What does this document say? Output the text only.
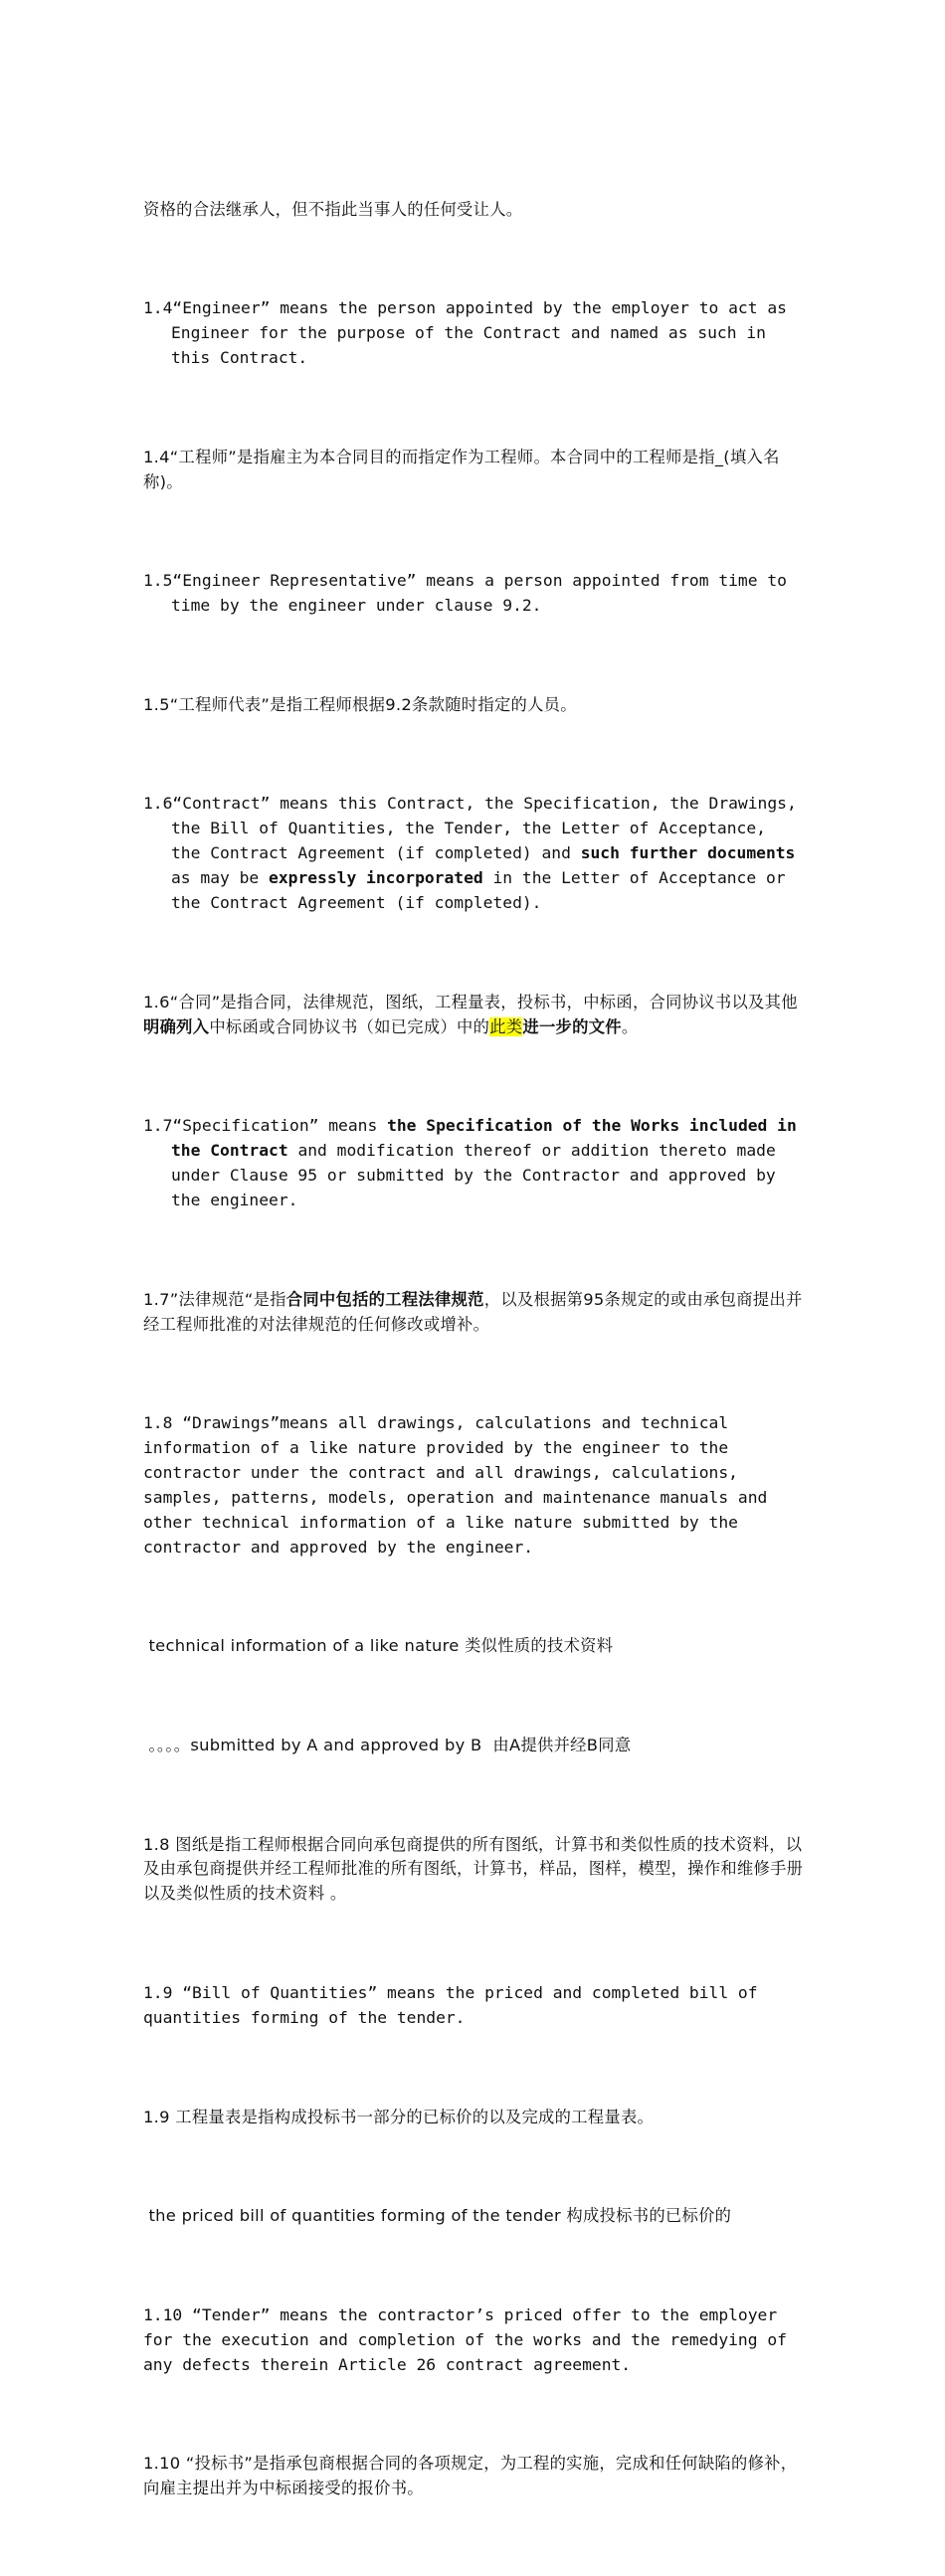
资格的合法继承人，但不指此当事人的任何受让人。

1.4“Engineer” means the person appointed by the employer to act as Engineer for the purpose of the Contract and named as such in this Contract.

1.4“工程师”是指雇主为本合同目的而指定作为工程师。本合同中的工程师是指_(填入名称)。

1.5“Engineer Representative” means a person appointed from time to time by the engineer under clause 9.2.

1.5“工程师代表”是指工程师根据9.2条款随时指定的人员。

1.6“Contract” means this Contract, the Specification, the Drawings, the Bill of Quantities, the Tender, the Letter of Acceptance, the Contract Agreement (if completed) and such further documents as may be expressly incorporated in the Letter of Acceptance or the Contract Agreement (if completed).

1.6“合同”是指合同，法律规范，图纸，工程量表，投标书，中标函，合同协议书以及其他明确列入中标函或合同协议书（如已完成）中的此类进一步的文件。

1.7“Specification” means the Specification of the Works included in the Contract and modification thereof or addition thereto made under Clause 95 or submitted by the Contractor and approved by the engineer.

1.7”法律规范“是指合同中包括的工程法律规范，以及根据第95条规定的或由承包商提出并经工程师批准的对法律规范的任何修改或增补。

1.8 “Drawings”means all drawings, calculations and technical information of a like nature provided by the engineer to the contractor under the contract and all drawings, calculations, samples, patterns, models, operation and maintenance manuals and other technical information of a like nature submitted by the contractor and approved by the engineer.

technical information of a like nature 类似性质的技术资料

。。。。submitted by A and approved by B  由A提供并经B同意

1.8 图纸是指工程师根据合同向承包商提供的所有图纸，计算书和类似性质的技术资料，以及由承包商提供并经工程师批准的所有图纸，计算书，样品，图样，模型，操作和维修手册以及类似性质的技术资料 。

1.9 “Bill of Quantities” means the priced and completed bill of quantities forming of the tender.

1.9 工程量表是指构成投标书一部分的已标价的以及完成的工程量表。

the priced bill of quantities forming of the tender 构成投标书的已标价的

1.10 “Tender” means the contractor’s priced offer to the employer for the execution and completion of the works and the remedying of any defects therein Article 26 contract agreement.

1.10 “投标书”是指承包商根据合同的各项规定，为工程的实施，完成和任何缺陷的修补，向雇主提出并为中标函接受的报价书。
